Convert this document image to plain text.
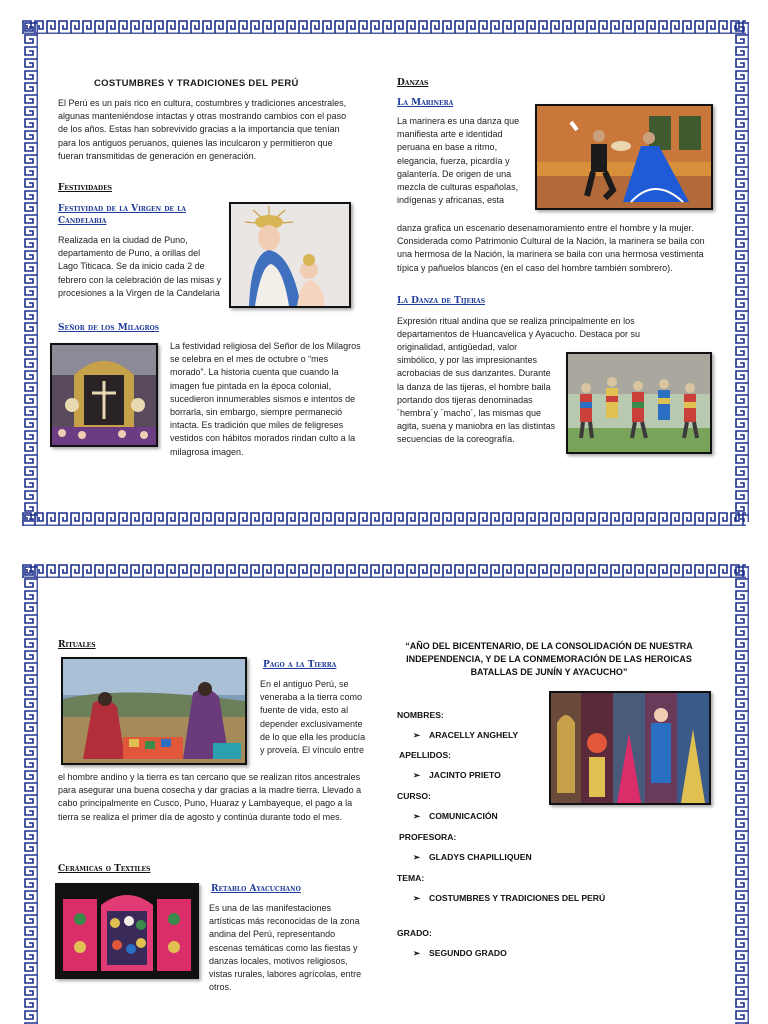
COSTUMBRES Y TRADICIONES DEL PERÚ
El Perú es un país rico en cultura, costumbres y tradiciones ancestrales, algunas manteniéndose intactas y otras mostrando cambios con el paso de los años. Estas han sobrevivido gracias a la importancia que tenían para los antiguos peruanos, quienes las inculcaron y permitieron que fueran transmitidas de generación en generación.
Festividades
Festividad de la Virgen de la Candelaria
Realizada en la ciudad de Puno, departamento de Puno, a orillas del Lago Titicaca. Se da inicio cada 2 de febrero con la celebración de las misas y procesiones a la Virgen de la Candelaria
Señor de los Milagros
La festividad religiosa del Señor de los Milagros se celebra en el mes de octubre o “mes morado”. La historia cuenta que cuando la imagen fue pintada en la época colonial, sucedieron innumerables sismos e intentos de borrarla, sin embargo, siempre permaneció intacta. Es tradición que miles de feligreses vestidos con hábitos morados rindan culto a la milagrosa imagen.
Danzas
La Marinera
La marinera es una danza que manifiesta arte e identidad peruana en base a ritmo, elegancia, fuerza, picardía y galantería. De origen de una mezcla de culturas españolas, indígenas y africanas, esta
danza grafica un escenario desenamoramiento entre el hombre y la mujer. Considerada como Patrimonio Cultural de la Nación, la marinera se baila con una hermosa de la Nación, la marinera se baila con una hermosa vestimenta típica y pañuelos blancos (en el caso del hombre también sombrero).
La Danza de Tijeras
Expresión ritual andina que se realiza principalmente en los departamentos de Huancavelica y Ayacucho. Destaca por su
originalidad, antigüedad, valor simbólico, y por las impresionantes acrobacias de sus danzantes. Durante la danza de las tijeras, el hombre baila portando dos tijeras denominadas ´hembra´y ´macho´, las mismas que agita, suena y maniobra en las distintas secuencias de la coreografía.
Rituales
Pago a la Tierra
En el antiguo Perú, se veneraba a la tierra como fuente de vida, esto al depender exclusivamente de lo que ella les producía y proveía. El vínculo entre
el hombre andino y la tierra es tan cercano que se realizan ritos ancestrales para asegurar una buena cosecha y dar gracias a la madre tierra. Llevado a cabo principalmente en Cusco, Puno, Huaraz y Lambayeque, el pago a la tierra se realiza el primer día de agosto y continúa durante todo el mes.
Cerámicas o Textiles
Retablo Ayacuchano
Es una de las manifestaciones artísticas más reconocidas de la zona andina del Perú, representando escenas temáticas como las fiestas y danzas locales, motivos religiosos, vistas rurales, labores agrícolas, entre otros.
“AÑO DEL BICENTENARIO, DE LA CONSOLIDACIÓN DE NUESTRA INDEPENDENCIA, Y DE LA CONMEMORACIÓN DE LAS HEROICAS BATALLAS DE JUNÍN Y AYACUCHO”
NOMBRES:
➢ ARACELLY ANGHELY
APELLIDOS:
➢ JACINTO PRIETO
CURSO:
➢ COMUNICACIÓN
PROFESORA:
➢ GLADYS CHAPILLIQUEN
TEMA:
➢ COSTUMBRES Y TRADICIONES DEL PERÚ
GRADO:
➢ SEGUNDO GRADO
